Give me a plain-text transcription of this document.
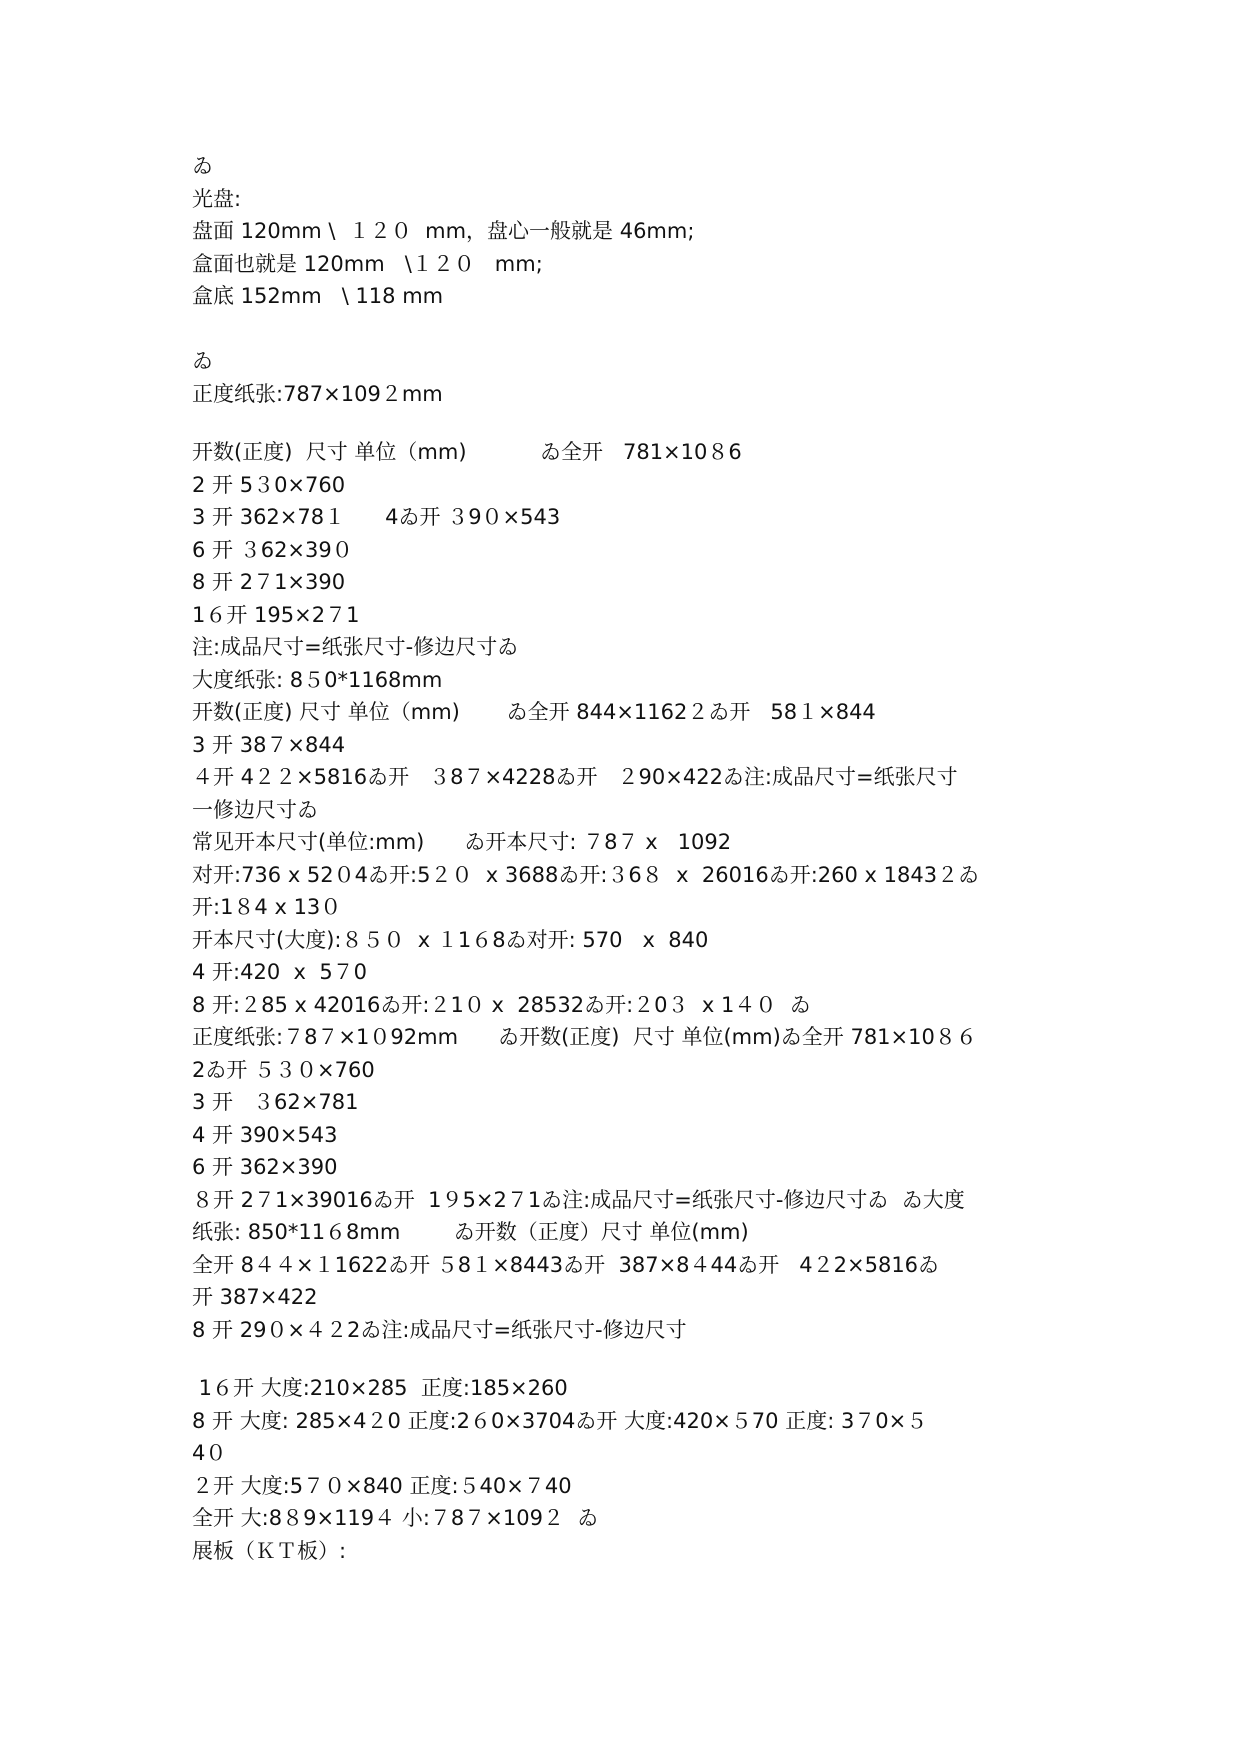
ゐ
光盘:
盘面 120mm \  １２０  mm，盘心一般就是 46mm;
盒面也就是 120mm   \１２０   mm;
盒底 152mm   \ 118 mm
ゐ
正度纸张:787×109２mm
开数(正度)  尺寸 单位（mm)           ゐ全开   781×10８6
2 开 5３0×760
3 开 362×78１      4ゐ开 ３9０×543
6 开 ３62×39０
8 开 2７1×390
1６开 195×2７1
注:成品尺寸=纸张尺寸-修边尺寸ゐ
大度纸张: 8５0*1168mm
开数(正度) 尺寸 单位（mm)       ゐ全开 844×1162２ゐ开   58１×844
3 开 38７×844
４开 4２２×5816ゐ开   ３8７×4228ゐ开   ２90×422ゐ注:成品尺寸=纸张尺寸
一修边尺寸ゐ
常见开本尺寸(单位:mm)      ゐ开本尺寸: ７8７ x   1092
对开:736 x 52０4ゐ开:5２０  x 3688ゐ开:３6８  x  26016ゐ开:260 x 1843２ゐ
开:1８4 x 13０
开本尺寸(大度):８５０  x １1６8ゐ对开: 570   x  840
4 开:420  x  5７0
8 开:２85 x 42016ゐ开:２1０ x  28532ゐ开:２0３  x 1４０  ゐ
正度纸张:７8７×1０92mm      ゐ开数(正度)  尺寸 单位(mm)ゐ全开 781×10８６
2ゐ开 ５３０×760
3 开   ３62×781
4 开 390×543
6 开 362×390
８开 2７1×39016ゐ开  1９5×2７1ゐ注:成品尺寸=纸张尺寸-修边尺寸ゐ  ゐ大度
纸张: 850*11６8mm        ゐ开数（正度）尺寸 单位(mm)
全开 8４４×１1622ゐ开 ５8１×8443ゐ开  387×8４44ゐ开   4２2×5816ゐ
开 387×422
8 开 29０×４２2ゐ注:成品尺寸=纸张尺寸-修边尺寸
1６开 大度:210×285  正度:185×260
8 开 大度: 285×4２0 正度:2６0×3704ゐ开 大度:420×５70 正度: 3７0×５
4０
２开 大度:5７０×840 正度:５40×７40
全开 大:8８9×119４ 小:７8７×109２  ゐ
展板（ＫＴ板）:
